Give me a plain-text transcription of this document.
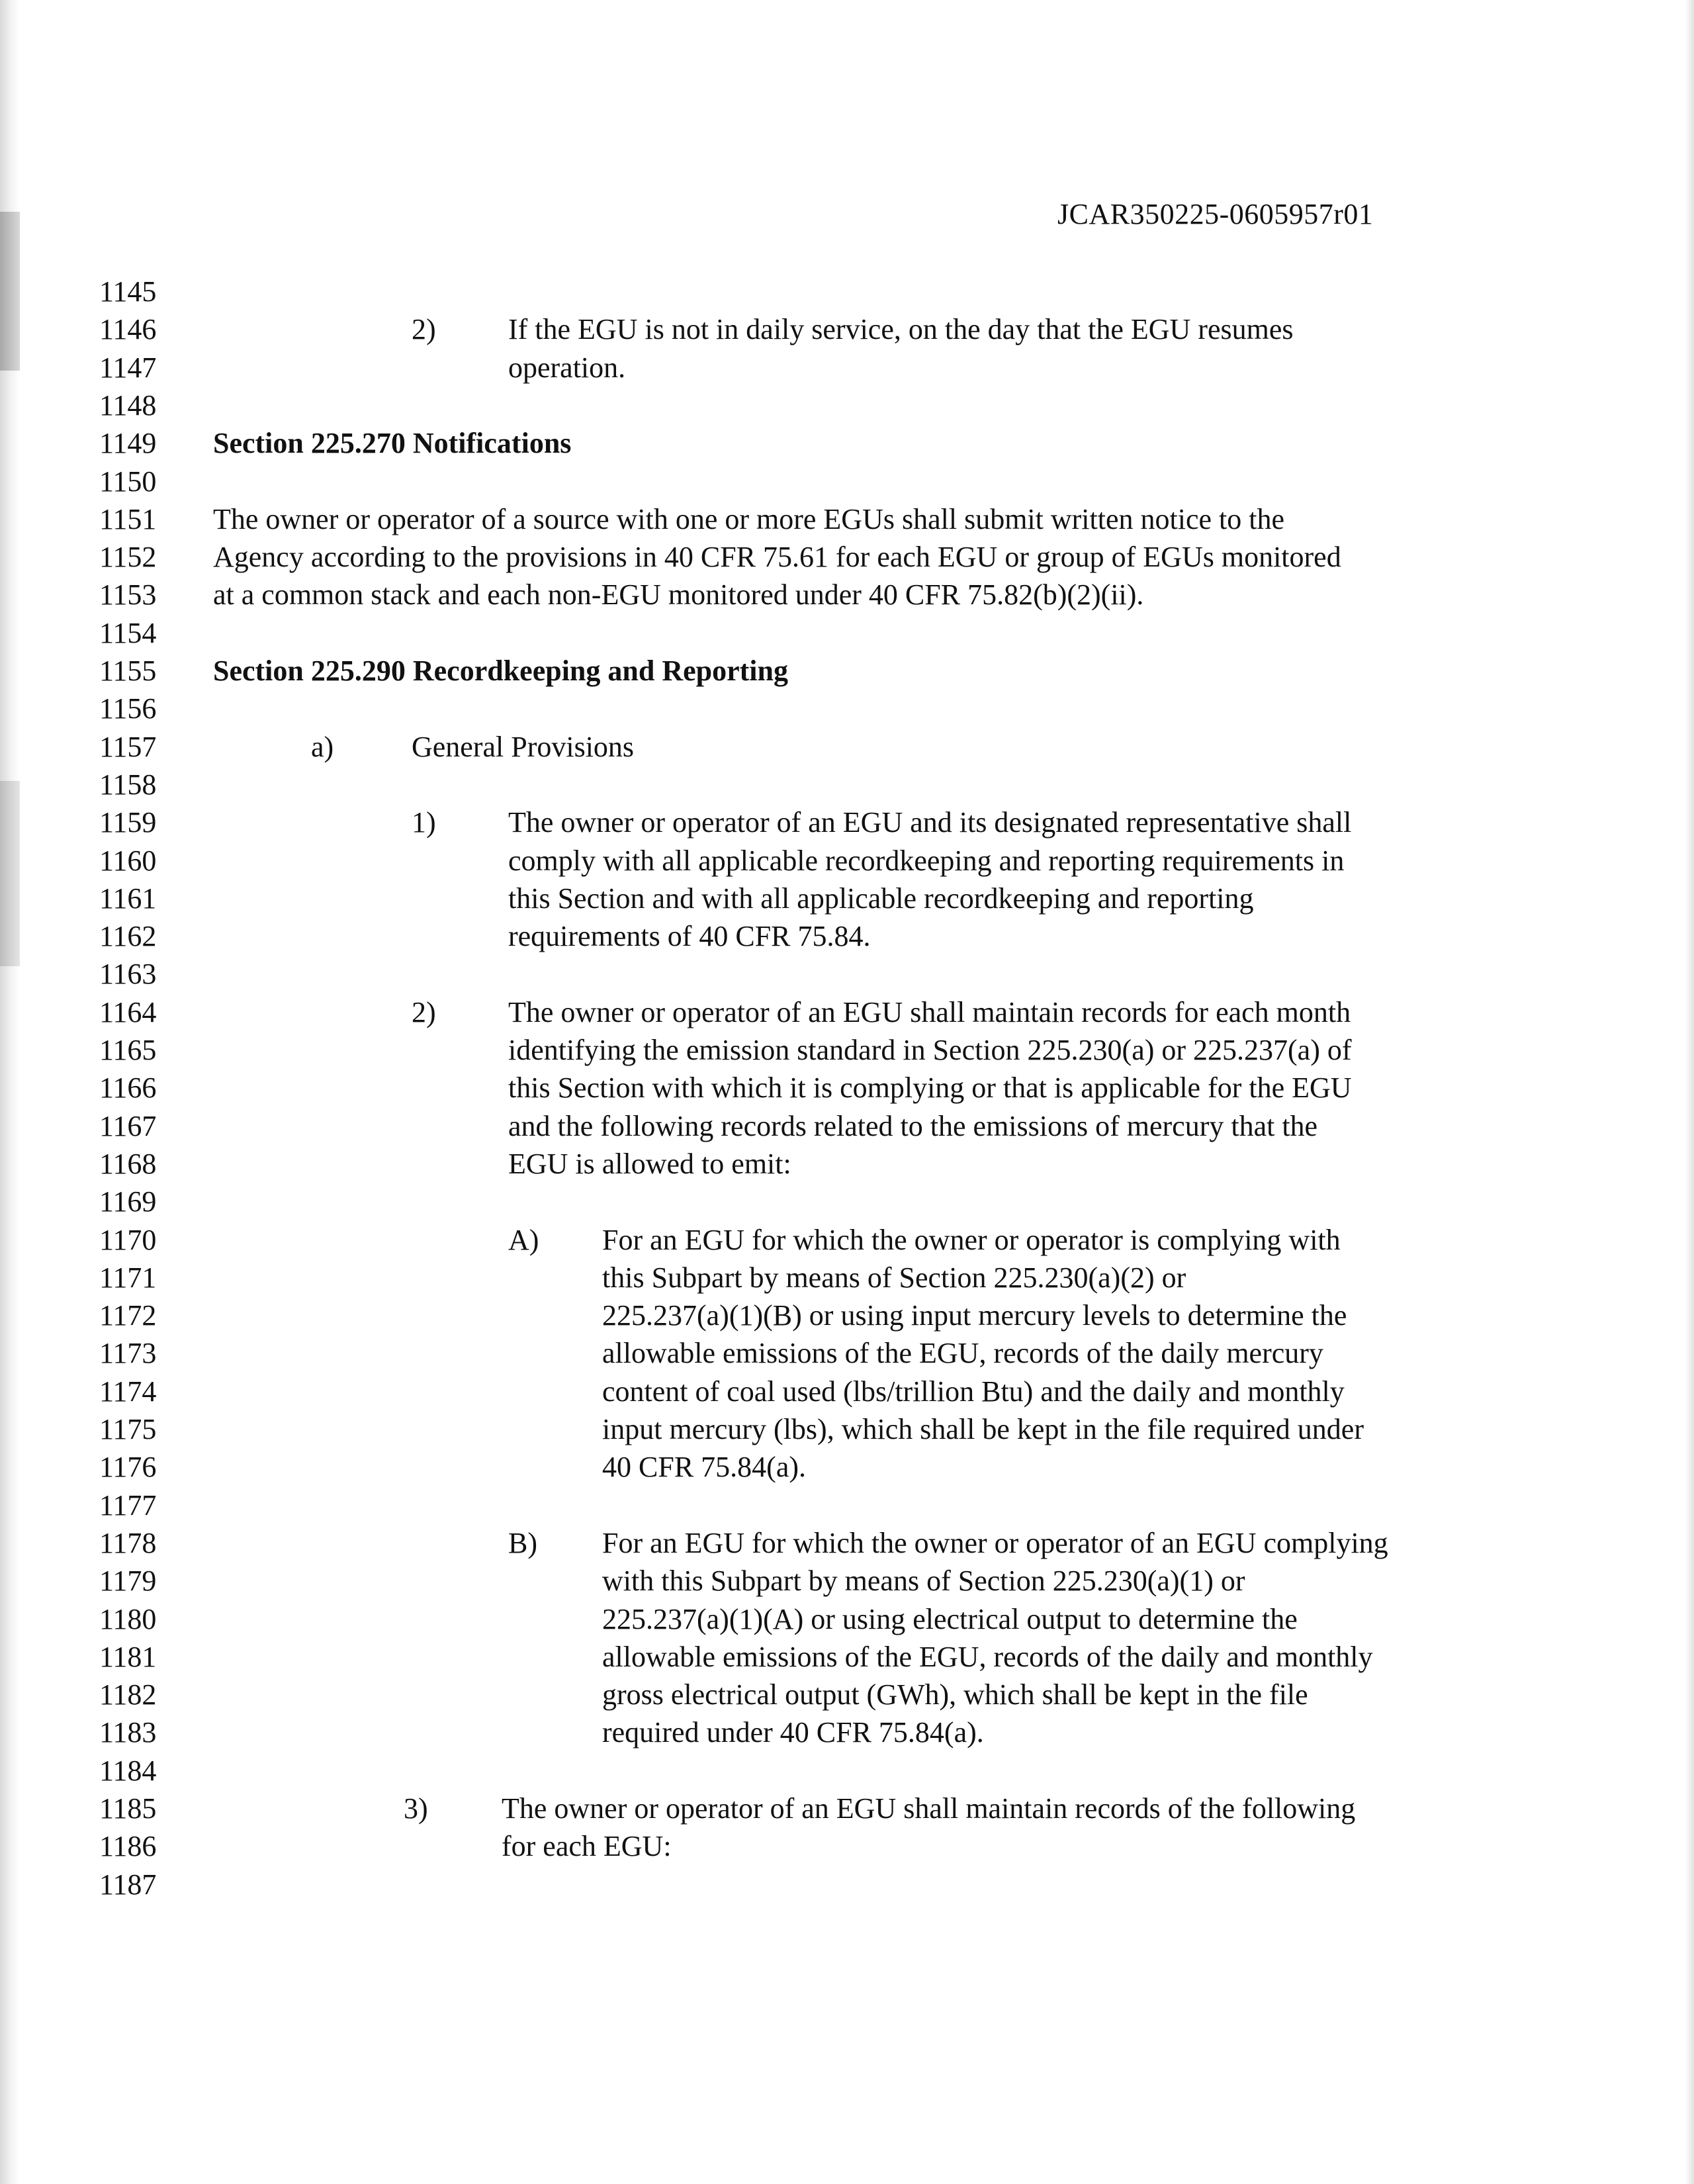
JCAR350225-0605957r01
1145
1146	2) If the EGU is not in daily service, on the day that the EGU resumes
1147	operation.
1148
1149	Section 225.270 Notifications
1150
1151	The owner or operator of a source with one or more EGUs shall submit written notice to the
1152	Agency according to the provisions in 40 CFR 75.61 for each EGU or group of EGUs monitored
1153	at a common stack and each non-EGU monitored under 40 CFR 75.82(b)(2)(ii).
1154
1155	Section 225.290 Recordkeeping and Reporting
1156
1157	a)	General Provisions
1158
1159	1) The owner or operator of an EGU and its designated representative shall
1160	comply with all applicable recordkeeping and reporting requirements in
1161	this Section and with all applicable recordkeeping and reporting
1162	requirements of 40 CFR 75.84.
1163
1164	2) The owner or operator of an EGU shall maintain records for each month
1165	identifying the emission standard in Section 225.230(a) or 225.237(a) of
1166	this Section with which it is complying or that is applicable for the EGU
1167	and the following records related to the emissions of mercury that the
1168	EGU is allowed to emit:
1169
1170	A) For an EGU for which the owner or operator is complying with
1171	this Subpart by means of Section 225.230(a)(2) or
1172	225.237(a)(1)(B) or using input mercury levels to determine the
1173	allowable emissions of the EGU, records of the daily mercury
1174	content of coal used (lbs/trillion Btu) and the daily and monthly
1175	input mercury (lbs), which shall be kept in the file required under
1176	40 CFR 75.84(a).
1177
1178	B) For an EGU for which the owner or operator of an EGU complying
1179	with this Subpart by means of Section 225.230(a)(1) or
1180	225.237(a)(1)(A) or using electrical output to determine the
1181	allowable emissions of the EGU, records of the daily and monthly
1182	gross electrical output (GWh), which shall be kept in the file
1183	required under 40 CFR 75.84(a).
1184
1185	3)	The owner or operator of an EGU shall maintain records of the following
1186	for each EGU:
1187
